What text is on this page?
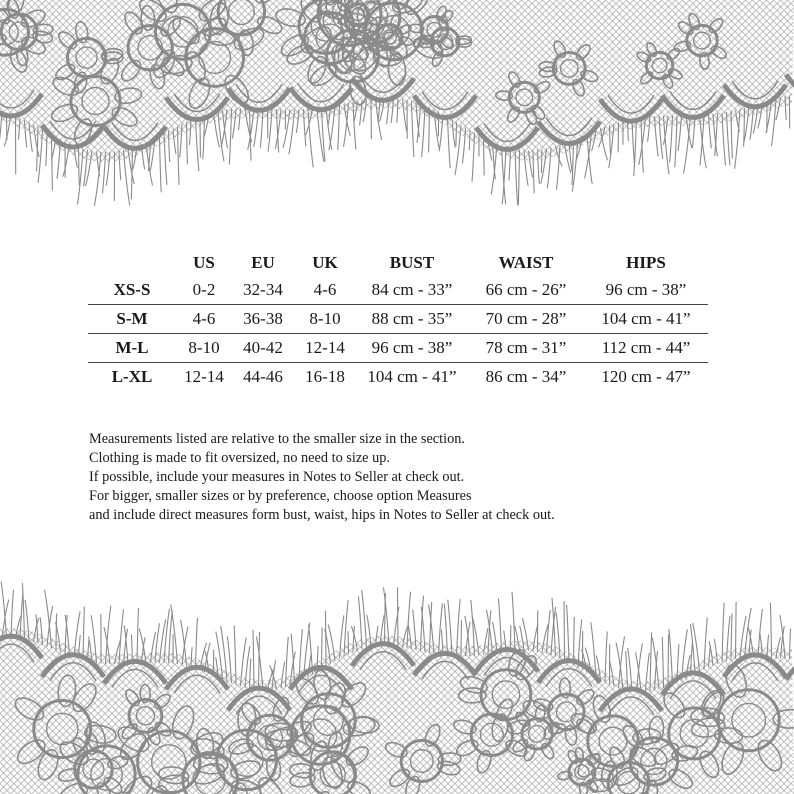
	US	EU	UK	BUST	WAIST	HIPS
XS-S	0-2	32-34	4-6	84 cm - 33”	66 cm - 26”	96 cm - 38”
S-M	4-6	36-38	8-10	88 cm - 35”	70 cm - 28”	104 cm - 41”
M-L	8-10	40-42	12-14	96 cm - 38”	78 cm - 31”	112 cm - 44”
L-XL	12-14	44-46	16-18	104 cm - 41”	86 cm - 34”	120 cm - 47”

Measurements listed are relative to the smaller size in the section.

Clothing is made to fit oversized, no need to size up.

If possible, include your measures in Notes to Seller at check out.

For bigger, smaller sizes or by preference, choose option Measures

and include direct measures form bust, waist, hips in Notes to Seller at check out.
